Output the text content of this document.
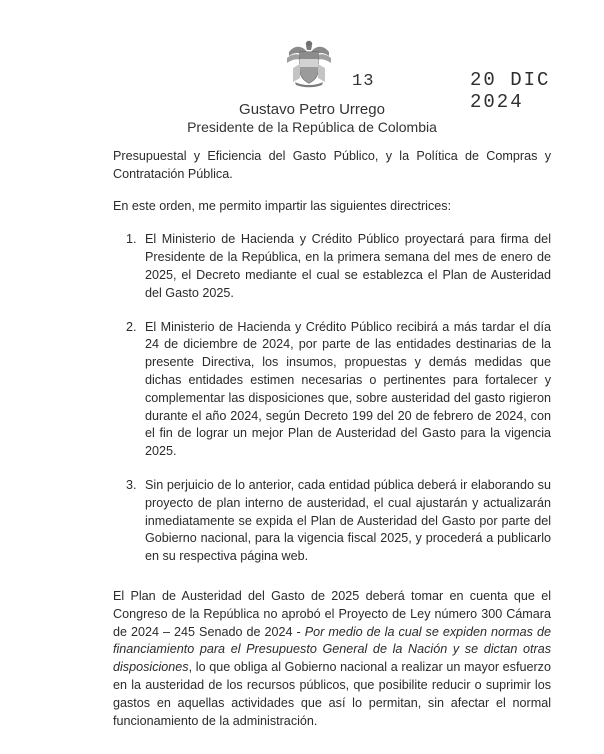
13	20 DIC 2024
Gustavo Petro Urrego
Presidente de la República de Colombia

Presupuestal y Eficiencia del Gasto Público, y la Política de Compras y Contratación Pública.

En este orden, me permito impartir las siguientes directrices:

1. El Ministerio de Hacienda y Crédito Público proyectará para firma del Presidente de la República, en la primera semana del mes de enero de 2025, el Decreto mediante el cual se establezca el Plan de Austeridad del Gasto 2025.
2. El Ministerio de Hacienda y Crédito Público recibirá a más tardar el día 24 de diciembre de 2024, por parte de las entidades destinarias de la presente Directiva, los insumos, propuestas y demás medidas que dichas entidades estimen necesarias o pertinentes para fortalecer y complementar las disposiciones que, sobre austeridad del gasto rigieron durante el año 2024, según Decreto 199 del 20 de febrero de 2024, con el fin de lograr un mejor Plan de Austeridad del Gasto para la vigencia 2025.
3. Sin perjuicio de lo anterior, cada entidad pública deberá ir elaborando su proyecto de plan interno de austeridad, el cual ajustarán y actualizarán inmediatamente se expida el Plan de Austeridad del Gasto por parte del Gobierno nacional, para la vigencia fiscal 2025, y procederá a publicarlo en su respectiva página web.

El Plan de Austeridad del Gasto de 2025 deberá tomar en cuenta que el Congreso de la República no aprobó el Proyecto de Ley número 300 Cámara de 2024 – 245 Senado de 2024 - Por medio de la cual se expiden normas de financiamiento para el Presupuesto General de la Nación y se dictan otras disposiciones, lo que obliga al Gobierno nacional a realizar un mayor esfuerzo en la austeridad de los recursos públicos, que posibilite reducir o suprimir los gastos en aquellas actividades que así lo permitan, sin afectar el normal funcionamiento de la administración.
